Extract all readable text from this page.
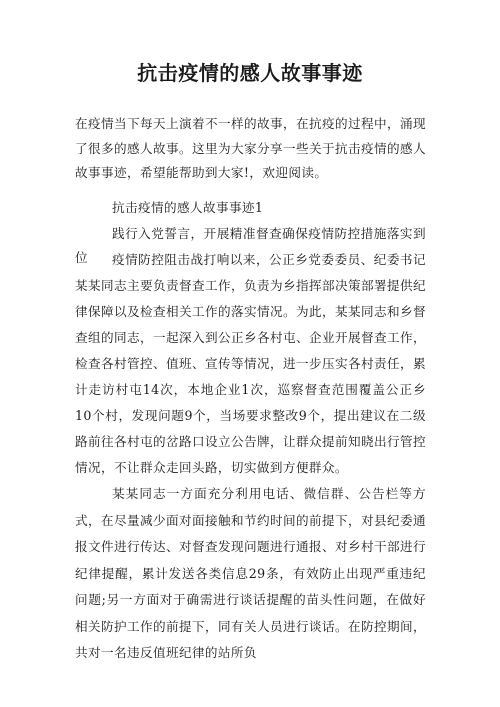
抗击疫情的感人故事事迹

在疫情当下每天上演着不一样的故事，在抗疫的过程中，涌现了很多的感人故事。这里为大家分享一些关于抗击疫情的感人故事事迹，希望能帮助到大家!，欢迎阅读。

抗击疫情的感人故事事迹1

践行入党誓言，开展精准督查确保疫情防控措施落实到位	疫情防控阻击战打响以来，公正乡党委委员、纪委书记某某同志主要负责督查工作，负责为乡指挥部决策部署提供纪律保障以及检查相关工作的落实情况。为此，某某同志和乡督查组的同志，一起深入到公正乡各村屯、企业开展督查工作，检查各村管控、值班、宣传等情况，进一步压实各村责任，累计走访村屯14次，本地企业1次，巡察督查范围覆盖公正乡10个村，发现问题9个，当场要求整改9个，提出建议在二级路前往各村屯的岔路口设立公告牌，让群众提前知晓出行管控情况，不让群众走回头路，切实做到方便群众。

某某同志一方面充分利用电话、微信群、公告栏等方式，在尽量减少面对面接触和节约时间的前提下，对县纪委通报文件进行传达、对督查发现问题进行通报、对乡村干部进行纪律提醒，累计发送各类信息29条，有效防止出现严重违纪问题;另一方面对于确需进行谈话提醒的苗头性问题，在做好相关防护工作的前提下，同有关人员进行谈话。在防控期间，共对一名违反值班纪律的站所负
